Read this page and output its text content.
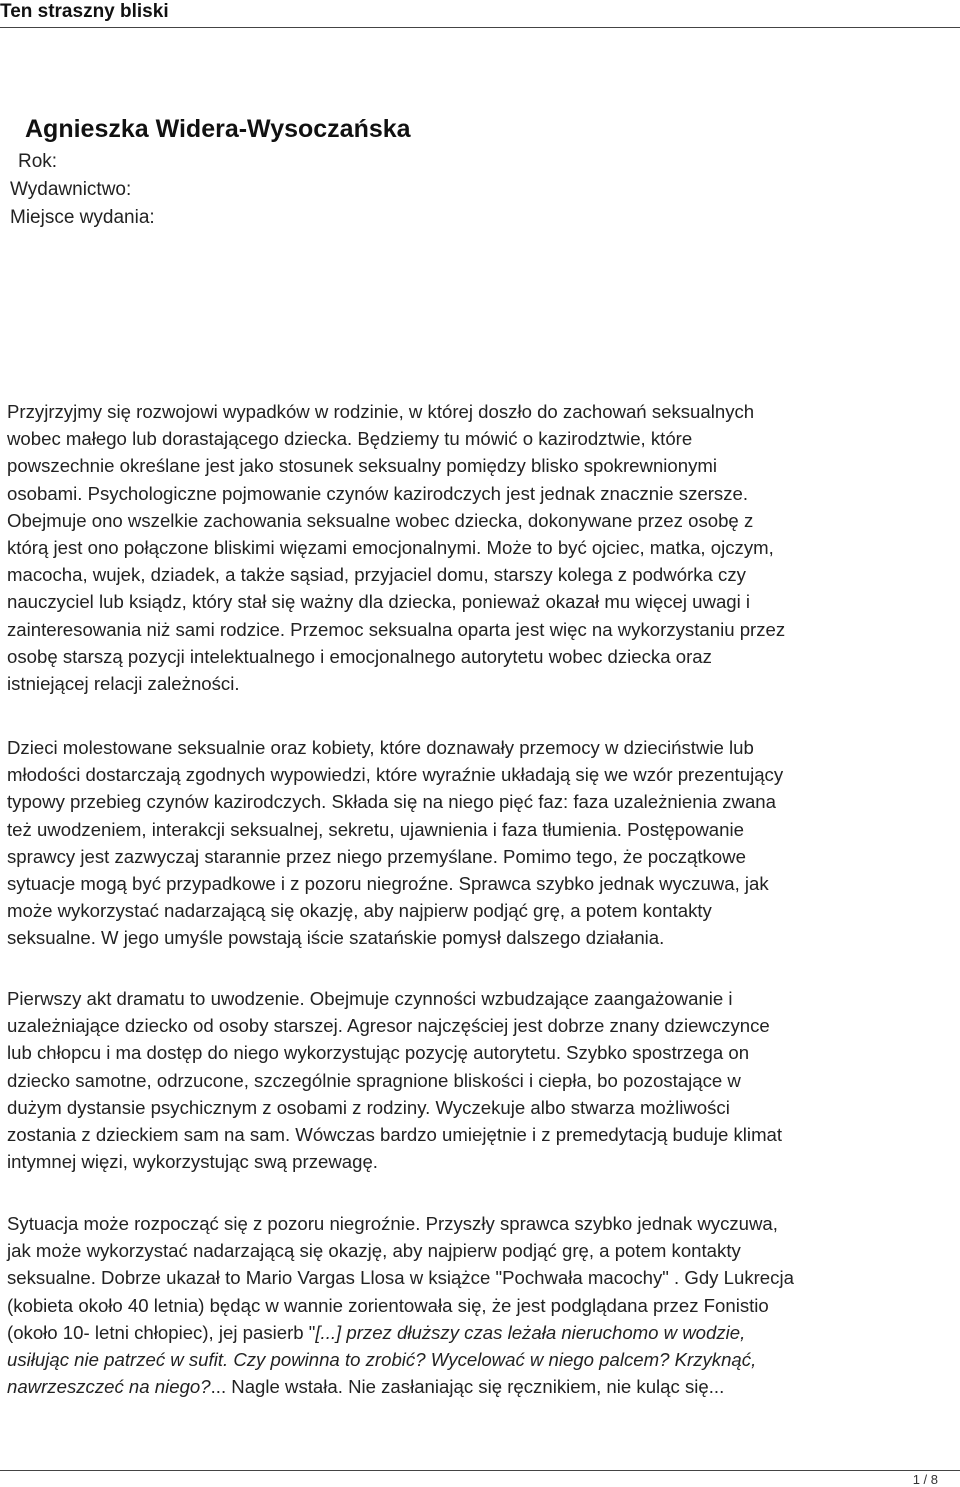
Ten straszny bliski
Agnieszka Widera-Wysoczańska
Rok:
Wydawnictwo:
Miejsce wydania:

Przyjrzyjmy się rozwojowi wypadków w rodzinie, w której doszło do zachowań seksualnych
wobec małego lub dorastającego dziecka. Będziemy tu mówić o kazirodztwie, które
powszechnie określane jest jako stosunek seksualny pomiędzy blisko spokrewnionymi
osobami. Psychologiczne pojmowanie czynów kazirodczych jest jednak znacznie szersze.
Obejmuje ono wszelkie zachowania seksualne wobec dziecka, dokonywane przez osobę z
którą jest ono połączone bliskimi więzami emocjonalnymi. Może to być ojciec, matka, ojczym,
macocha, wujek, dziadek, a także sąsiad, przyjaciel domu, starszy kolega z podwórka czy
nauczyciel lub ksiądz, który stał się ważny dla dziecka, ponieważ okazał mu więcej uwagi i
zainteresowania niż sami rodzice. Przemoc seksualna oparta jest więc na wykorzystaniu przez
osobę starszą pozycji intelektualnego i emocjonalnego autorytetu wobec dziecka oraz
istniejącej relacji zależności.

Dzieci molestowane seksualnie oraz kobiety, które doznawały przemocy w dzieciństwie lub
młodości dostarczają zgodnych wypowiedzi, które wyraźnie układają się we wzór prezentujący
typowy przebieg czynów kazirodczych. Składa się na niego pięć faz: faza uzależnienia zwana
też uwodzeniem, interakcji seksualnej, sekretu, ujawnienia i faza tłumienia. Postępowanie
sprawcy jest zazwyczaj starannie przez niego przemyślane. Pomimo tego, że początkowe
sytuacje mogą być przypadkowe i z pozoru niegroźne. Sprawca szybko jednak wyczuwa, jak
może wykorzystać nadarzającą się okazję, aby najpierw podjąć grę, a potem kontakty
seksualne. W jego umyśle powstają iście szatańskie pomysł dalszego działania.

Pierwszy akt dramatu to uwodzenie. Obejmuje czynności wzbudzające zaangażowanie i
uzależniające dziecko od osoby starszej. Agresor najczęściej jest dobrze znany dziewczynce
lub chłopcu i ma dostęp do niego wykorzystując pozycję autorytetu. Szybko spostrzega on
dziecko samotne, odrzucone, szczególnie spragnione bliskości i ciepła, bo pozostające w
dużym dystansie psychicznym z osobami z rodziny. Wyczekuje albo stwarza możliwości
zostania z dzieckiem sam na sam. Wówczas bardzo umiejętnie i z premedytacją buduje klimat
intymnej więzi, wykorzystując swą przewagę.

Sytuacja może rozpocząć się z pozoru niegroźnie. Przyszły sprawca szybko jednak wyczuwa,
jak może wykorzystać nadarzającą się okazję, aby najpierw podjąć grę, a potem kontakty
seksualne. Dobrze ukazał to Mario Vargas Llosa w książce "Pochwała macochy" . Gdy Lukrecja
(kobieta około 40 letnia) będąc w wannie zorientowała się, że jest podglądana przez Fonistio
(około 10- letni chłopiec), jej pasierb "[...] przez dłuższy czas leżała nieruchomo w wodzie,
usiłując nie patrzeć w sufit. Czy powinna to zrobić? Wycelować w niego palcem? Krzyknąć,
nawrzeszczeć na niego?... Nagle wstała. Nie zasłaniając się ręcznikiem, nie kuląc się...

1 / 8
